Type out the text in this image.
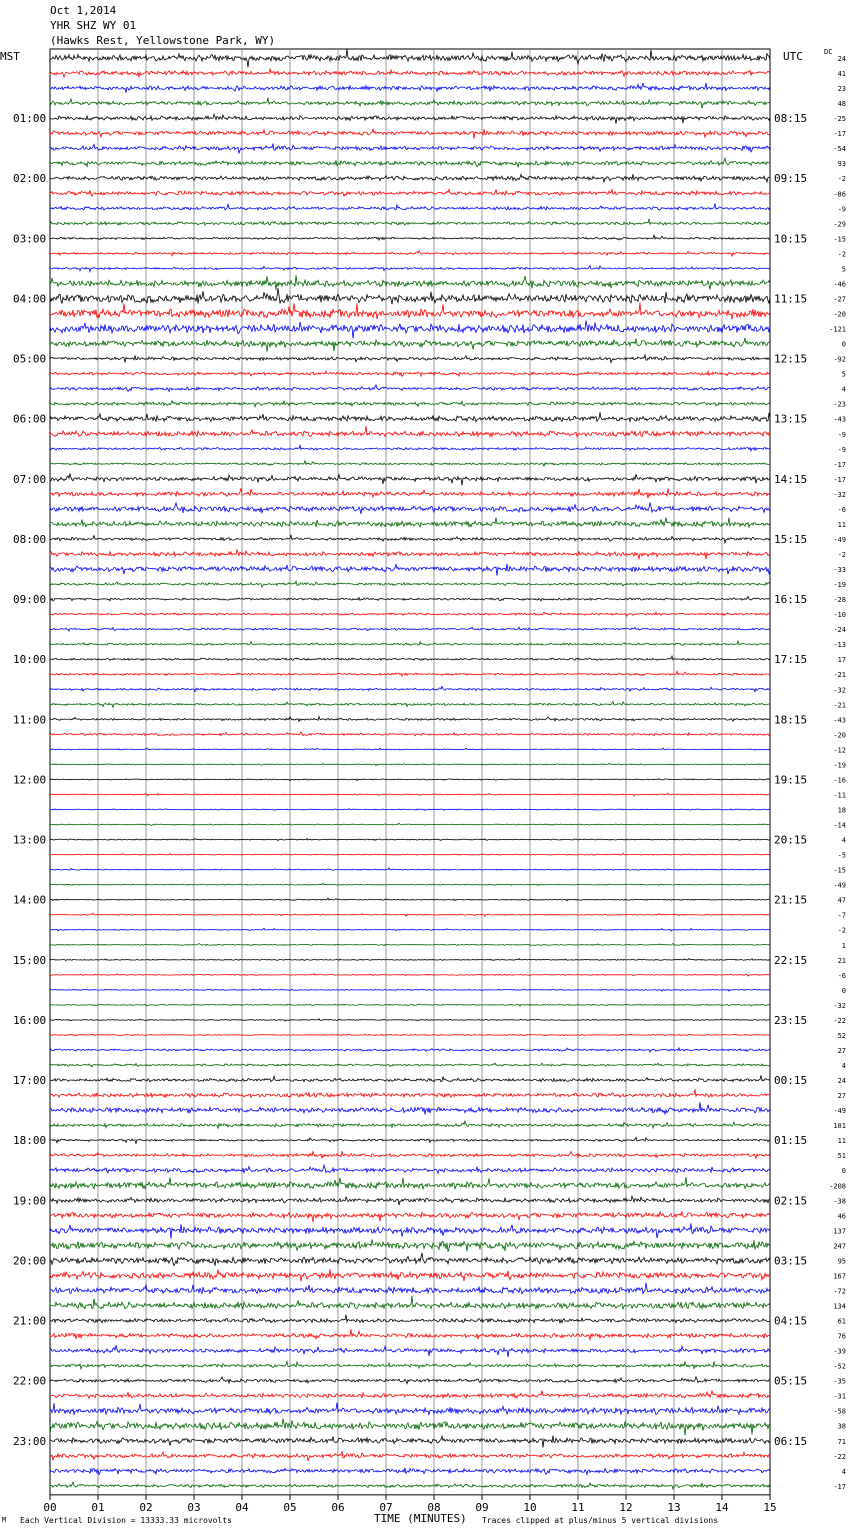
24
41
23
48
-25
-17
-54
93
-2
-86
-9
-29
-15
-2
5
-46
-27
-20
-121
0
-92
5
4
-23
-43
-9
-9
-17
-17
-32
-6
11
-49
-2
-33
-19
-28
-10
-24
-13
17
-21
-32
-21
-43
-20
-12
-19
-16
-11
18
-14
4
-5
-15
-49
47
-7
-2
1
21
-6
0
-32
-22
52
27
4
24
27
-49
101
11
51
0
-208
-38
46
137
247
95
167
-72
134
61
76
-39
-52
-35
-31
-58
38
71
-22
4
-17
01:00
02:00
03:00
04:00
05:00
06:00
07:00
08:00
09:00
10:00
11:00
12:00
13:00
14:00
15:00
16:00
17:00
18:00
19:00
20:00
21:00
22:00
23:00
08:15
09:15
10:15
11:15
12:15
13:15
14:15
15:15
16:15
17:15
18:15
19:15
20:15
21:15
22:15
23:15
00:15
01:15
02:15
03:15
04:15
05:15
06:15
00	01	02	03	04	05	06	07	08	09	10	11	12	13	14	15
Oct 1,2014
YHR SHZ WY 01
(Hawks Rest, Yellowstone Park, WY)
MST	UTC	DC
M Each Vertical Division = 13333.33 microvolts	TIME (MINUTES) Traces clipped at plus/minus 5 vertical divisions
